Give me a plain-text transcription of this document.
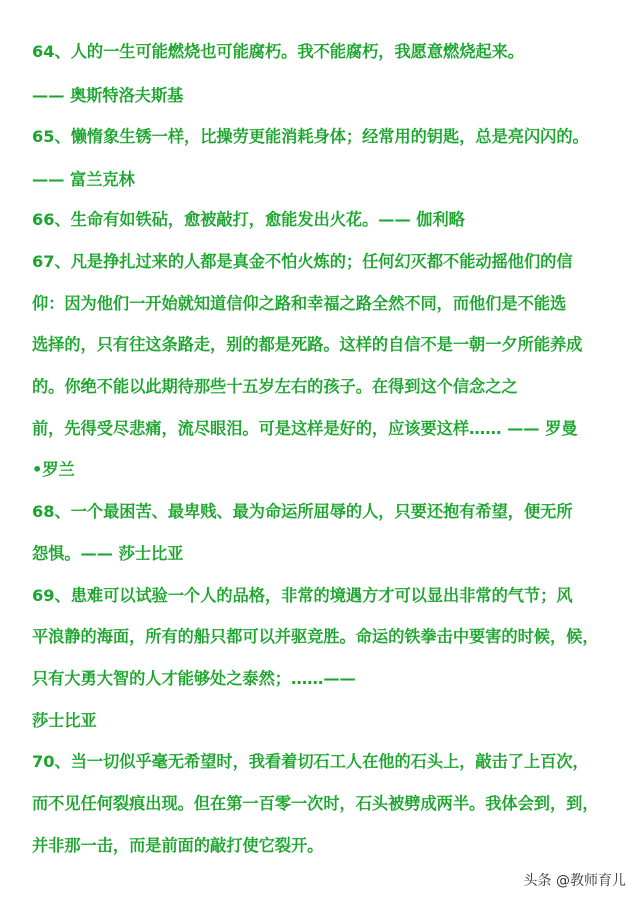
64、人的一生可能燃烧也可能腐朽。我不能腐朽，我愿意燃烧起来。
—— 奥斯特洛夫斯基
65、懒惰象生锈一样，比操劳更能消耗身体；经常用的钥匙，总是亮闪闪的。
—— 富兰克林
66、生命有如铁砧，愈被敲打，愈能发出火花。—— 伽利略
67、凡是挣扎过来的人都是真金不怕火炼的；任何幻灭都不能动摇他们的信
仰：因为他们一开始就知道信仰之路和幸福之路全然不同，而他们是不能选
选择的，只有往这条路走，别的都是死路。这样的自信不是一朝一夕所能养成
的。你绝不能以此期待那些十五岁左右的孩子。在得到这个信念之之
前，先得受尽悲痛，流尽眼泪。可是这样是好的，应该要这样…… —— 罗曼
•罗兰
68、一个最困苦、最卑贱、最为命运所屈辱的人，只要还抱有希望，便无所
怨惧。—— 莎士比亚
69、患难可以试验一个人的品格，非常的境遇方才可以显出非常的气节；风
平浪静的海面，所有的船只都可以并驱竞胜。命运的铁拳击中要害的时候，候，
只有大勇大智的人才能够处之泰然；……——
莎士比亚
70、当一切似乎毫无希望时，我看着切石工人在他的石头上，敲击了上百次，
而不见任何裂痕出现。但在第一百零一次时，石头被劈成两半。我体会到，到，
并非那一击，而是前面的敲打使它裂开。
头条 @教师育儿
